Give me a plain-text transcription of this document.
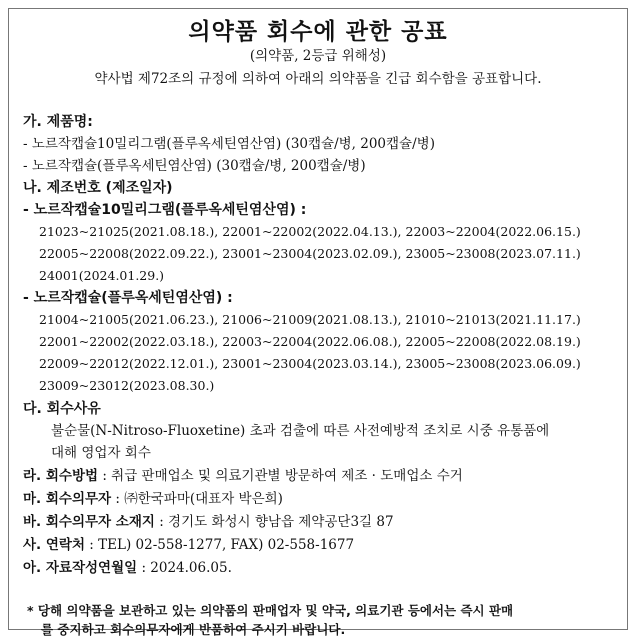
의약품 회수에 관한 공표
(의약품, 2등급 위해성)
약사법 제72조의 규정에 의하여 아래의 의약품을 긴급 회수함을 공표합니다.
가. 제품명:
- 노르작캡슐10밀리그램(플루옥세틴염산염) (30캡슐/병, 200캡슐/병)
- 노르작캡슐(플루옥세틴염산염) (30캡슐/병, 200캡슐/병)
나. 제조번호 (제조일자)
- 노르작캡슐10밀리그램(플루옥세틴염산염) :
21023~21025(2021.08.18.), 22001~22002(2022.04.13.), 22003~22004(2022.06.15.)
22005~22008(2022.09.22.), 23001~23004(2023.02.09.), 23005~23008(2023.07.11.)
24001(2024.01.29.)
- 노르작캡슐(플루옥세틴염산염) :
21004~21005(2021.06.23.), 21006~21009(2021.08.13.), 21010~21013(2021.11.17.)
22001~22002(2022.03.18.), 22003~22004(2022.06.08.), 22005~22008(2022.08.19.)
22009~22012(2022.12.01.), 23001~23004(2023.03.14.), 23005~23008(2023.06.09.)
23009~23012(2023.08.30.)
다. 회수사유
불순물(N-Nitroso-Fluoxetine) 초과 검출에 따른 사전예방적 조치로 시중 유통품에
대해 영업자 회수
라. 회수방법 : 취급 판매업소 및 의료기관별 방문하여 제조 · 도매업소 수거
마. 회수의무자 : ㈜한국파마(대표자 박은희)
바. 회수의무자 소재지 : 경기도 화성시 향남읍 제약공단3길 87
사. 연락처 : TEL) 02-558-1277, FAX) 02-558-1677
아. 자료작성연월일 : 2024.06.05.
* 당해 의약품을 보관하고 있는 의약품의 판매업자 및 약국, 의료기관 등에서는 즉시 판매
를 중지하고 회수의무자에게 반품하여 주시기 바랍니다.
